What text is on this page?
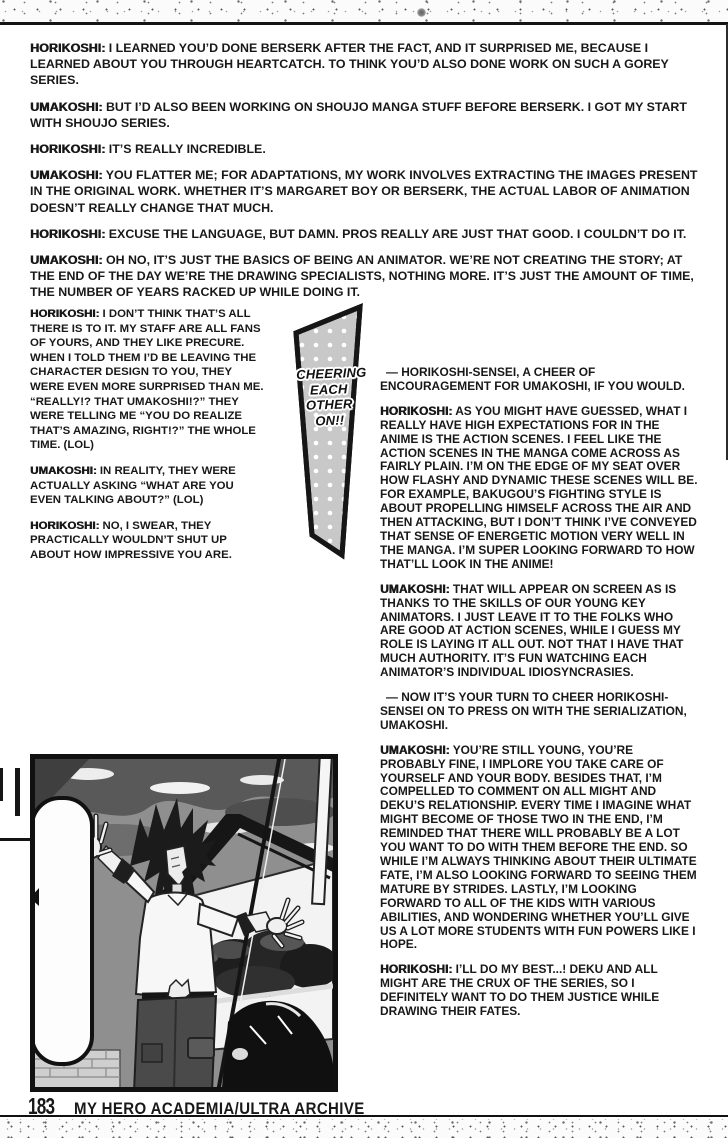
HORIKOSHI: I LEARNED YOU’D DONE BERSERK AFTER THE FACT, AND IT SURPRISED ME, BECAUSE I LEARNED ABOUT YOU THROUGH HEARTCATCH. TO THINK YOU’D ALSO DONE WORK ON SUCH A GOREY SERIES.

UMAKOSHI: BUT I’D ALSO BEEN WORKING ON SHOUJO MANGA STUFF BEFORE BERSERK. I GOT MY START WITH SHOUJO SERIES.

HORIKOSHI: IT’S REALLY INCREDIBLE.

UMAKOSHI: YOU FLATTER ME; FOR ADAPTATIONS, MY WORK INVOLVES EXTRACTING THE IMAGES PRESENT IN THE ORIGINAL WORK. WHETHER IT’S MARGARET BOY OR BERSERK, THE ACTUAL LABOR OF ANIMATION DOESN’T REALLY CHANGE THAT MUCH.

HORIKOSHI: EXCUSE THE LANGUAGE, BUT DAMN. PROS REALLY ARE JUST THAT GOOD. I COULDN’T DO IT.

UMAKOSHI: OH NO, IT’S JUST THE BASICS OF BEING AN ANIMATOR. WE’RE NOT CREATING THE STORY; AT THE END OF THE DAY WE’RE THE DRAWING SPECIALISTS, NOTHING MORE. IT’S JUST THE AMOUNT OF TIME, THE NUMBER OF YEARS RACKED UP WHILE DOING IT.

HORIKOSHI: I DON’T THINK THAT’S ALL THERE IS TO IT. MY STAFF ARE ALL FANS OF YOURS, AND THEY LIKE PRECURE. WHEN I TOLD THEM I’D BE LEAVING THE CHARACTER DESIGN TO YOU, THEY WERE EVEN MORE SURPRISED THAN ME. “REALLY!? THAT UMAKOSHI!?” THEY WERE TELLING ME “YOU DO REALIZE THAT’S AMAZING, RIGHT!?” THE WHOLE TIME. (LOL)

UMAKOSHI: IN REALITY, THEY WERE ACTUALLY ASKING “WHAT ARE YOU EVEN TALKING ABOUT?” (LOL)

HORIKOSHI: NO, I SWEAR, THEY PRACTICALLY WOULDN’T SHUT UP ABOUT HOW IMPRESSIVE YOU ARE.

CHEERING EACH OTHER ON!!

— HORIKOSHI-SENSEI, A CHEER OF ENCOURAGEMENT FOR UMAKOSHI, IF YOU WOULD.

HORIKOSHI: AS YOU MIGHT HAVE GUESSED, WHAT I REALLY HAVE HIGH EXPECTATIONS FOR IN THE ANIME IS THE ACTION SCENES. I FEEL LIKE THE ACTION SCENES IN THE MANGA COME ACROSS AS FAIRLY PLAIN. I’M ON THE EDGE OF MY SEAT OVER HOW FLASHY AND DYNAMIC THESE SCENES WILL BE. FOR EXAMPLE, BAKUGOU’S FIGHTING STYLE IS ABOUT PROPELLING HIMSELF ACROSS THE AIR AND THEN ATTACKING, BUT I DON’T THINK I’VE CONVEYED THAT SENSE OF ENERGETIC MOTION VERY WELL IN THE MANGA. I’M SUPER LOOKING FORWARD TO HOW THAT’LL LOOK IN THE ANIME!

UMAKOSHI: THAT WILL APPEAR ON SCREEN AS IS THANKS TO THE SKILLS OF OUR YOUNG KEY ANIMATORS. I JUST LEAVE IT TO THE FOLKS WHO ARE GOOD AT ACTION SCENES, WHILE I GUESS MY ROLE IS LAYING IT ALL OUT. NOT THAT I HAVE THAT MUCH AUTHORITY. IT’S FUN WATCHING EACH ANIMATOR’S INDIVIDUAL IDIOSYNCRASIES.

— NOW IT’S YOUR TURN TO CHEER HORIKOSHI-SENSEI ON TO PRESS ON WITH THE SERIALIZATION, UMAKOSHI.

UMAKOSHI: YOU’RE STILL YOUNG, YOU’RE PROBABLY FINE, I IMPLORE YOU TAKE CARE OF YOURSELF AND YOUR BODY. BESIDES THAT, I’M COMPELLED TO COMMENT ON ALL MIGHT AND DEKU’S RELATIONSHIP. EVERY TIME I IMAGINE WHAT MIGHT BECOME OF THOSE TWO IN THE END, I’M REMINDED THAT THERE WILL PROBABLY BE A LOT YOU WANT TO DO WITH THEM BEFORE THE END. SO WHILE I’M ALWAYS THINKING ABOUT THEIR ULTIMATE FATE, I’M ALSO LOOKING FORWARD TO SEEING THEM MATURE BY STRIDES. LASTLY, I’M LOOKING FORWARD TO ALL OF THE KIDS WITH VARIOUS ABILITIES, AND WONDERING WHETHER YOU’LL GIVE US A LOT MORE STUDENTS WITH FUN POWERS LIKE I HOPE.

HORIKOSHI: I’LL DO MY BEST...! DEKU AND ALL MIGHT ARE THE CRUX OF THE SERIES, SO I DEFINITELY WANT TO DO THEM JUSTICE WHILE DRAWING THEIR FATES.

183 MY HERO ACADEMIA/ULTRA ARCHIVE
